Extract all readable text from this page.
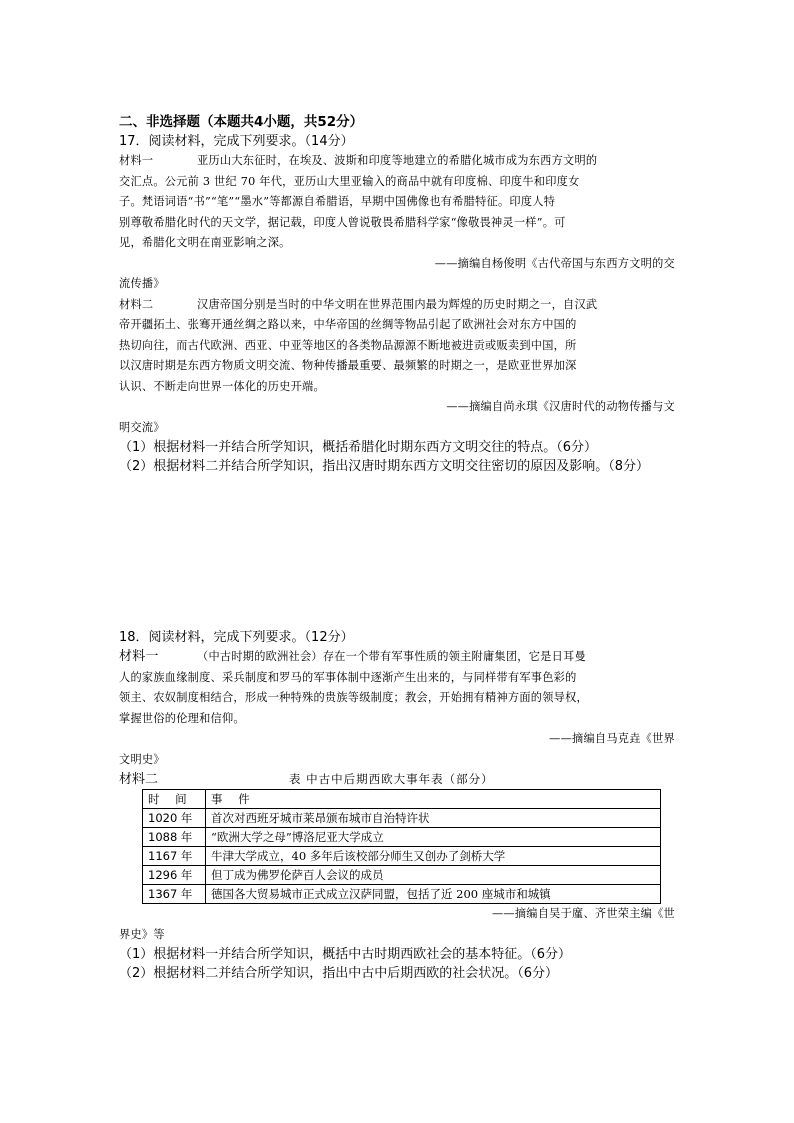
二、非选择题（本题共4小题，共52分）
17．阅读材料，完成下列要求。（14分）
材料一	亚历山大东征时，在埃及、波斯和印度等地建立的希腊化城市成为东西方文明的
交汇点。公元前 3 世纪 70 年代，亚历山大里亚输入的商品中就有印度棉、印度牛和印度女
子。梵语词语“书”“笔”“墨水”等都源自希腊语，早期中国佛像也有希腊特征。印度人特
别尊敬希腊化时代的天文学，据记载，印度人曾说敬畏希腊科学家“像敬畏神灵一样”。可
见，希腊化文明在南亚影响之深。
——摘编自杨俊明《古代帝国与东西方文明的交
流传播》
材料二	汉唐帝国分别是当时的中华文明在世界范围内最为辉煌的历史时期之一，自汉武
帝开疆拓土、张骞开通丝绸之路以来，中华帝国的丝绸等物品引起了欧洲社会对东方中国的
热切向往，而古代欧洲、西亚、中亚等地区的各类物品源源不断地被进贡或贩卖到中国，所
以汉唐时期是东西方物质文明交流、物种传播最重要、最频繁的时期之一，是欧亚世界加深
认识、不断走向世界一体化的历史开端。
——摘编自尚永琪《汉唐时代的动物传播与文
明交流》
（1）根据材料一并结合所学知识，概括希腊化时期东西方文明交往的特点。（6分）
（2）根据材料二并结合所学知识，指出汉唐时期东西方文明交往密切的原因及影响。（8分）
18．阅读材料，完成下列要求。（12分）
材料一	（中古时期的欧洲社会）存在一个带有军事性质的领主附庸集团，它是日耳曼
人的家族血缘制度、采兵制度和罗马的军事体制中逐渐产生出来的，与同样带有军事色彩的
领主、农奴制度相结合，形成一种特殊的贵族等级制度；教会，开始拥有精神方面的领导权，
掌握世俗的伦理和信仰。
——摘编自马克垚《世界
文明史》
材料二	表 中古中后期西欧大事年表（部分）
时 间	事 件
1020 年	首次对西班牙城市莱昂颁布城市自治特许状
1088 年	“欧洲大学之母”博洛尼亚大学成立
1167 年	牛津大学成立，40 多年后该校部分师生又创办了剑桥大学
1296 年	但丁成为佛罗伦萨百人会议的成员
1367 年	德国各大贸易城市正式成立汉萨同盟，包括了近 200 座城市和城镇
——摘编自吴于廑、齐世荣主编《世
界史》等
（1）根据材料一并结合所学知识，概括中古时期西欧社会的基本特征。（6分）
（2）根据材料二并结合所学知识，指出中古中后期西欧的社会状况。（6分）
